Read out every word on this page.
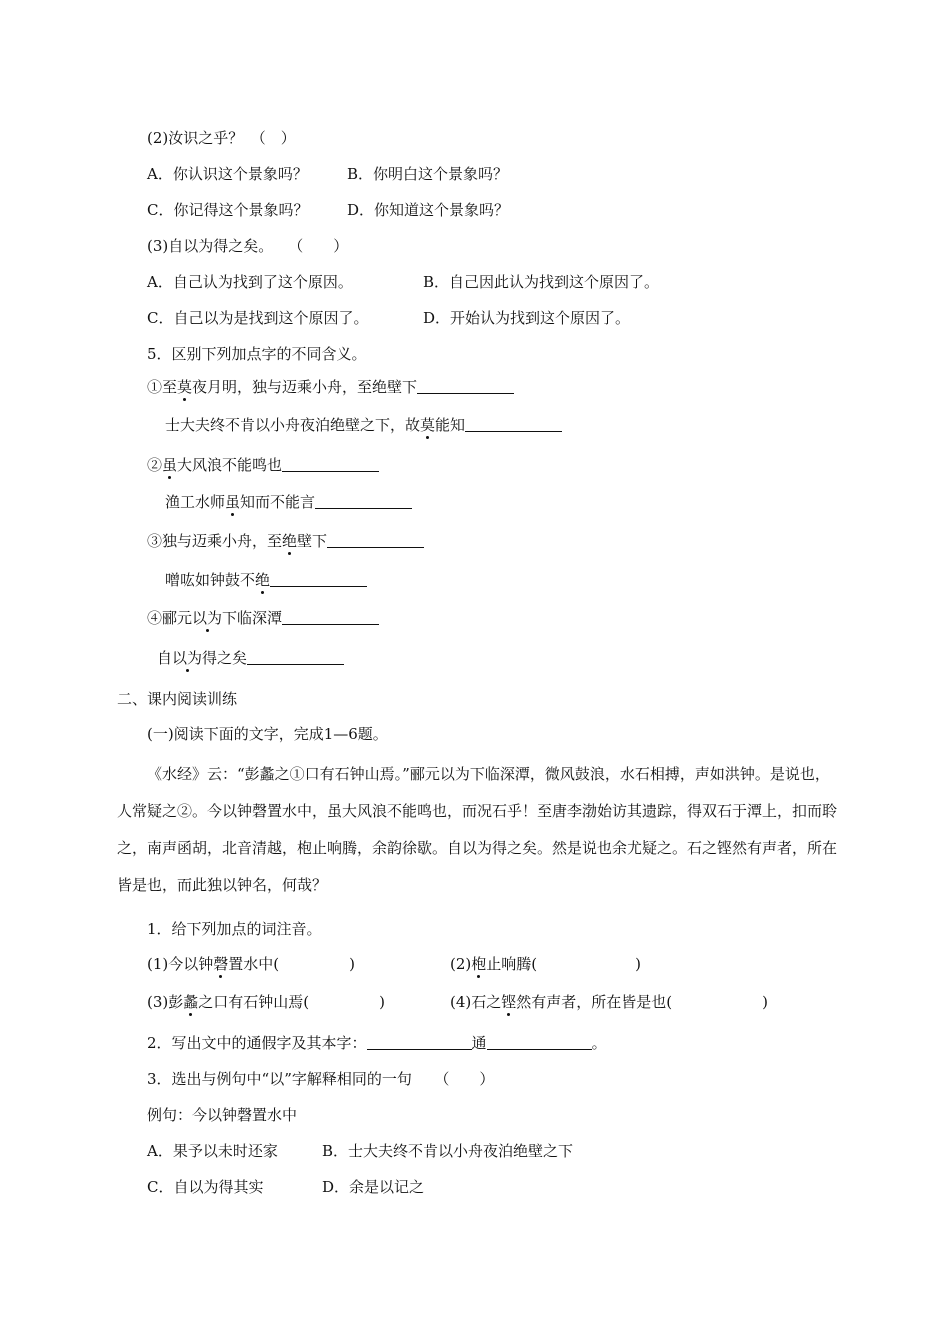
(2)汝识之乎？　（　）
A．你认识这个景象吗？	B．你明白这个景象吗？
C．你记得这个景象吗？	D．你知道这个景象吗？
(3)自以为得之矣。　　（　　）
A．自己认为找到了这个原因。	B．自己因此认为找到这个原因了。
C．自己以为是找到这个原因了。	D．开始认为找到这个原因了。
5．区别下列加点字的不同含义。
①至莫夜月明，独与迈乘小舟，至绝壁下
士大夫终不肯以小舟夜泊绝壁之下，故莫能知
②虽大风浪不能鸣也
渔工水师虽知而不能言
③独与迈乘小舟，至绝壁下
噌吰如钟鼓不绝
④郦元以为下临深潭
自以为得之矣
二、课内阅读训练
(一)阅读下面的文字，完成1—6题。
《水经》云：“彭蠡之①口有石钟山焉。”郦元以为下临深潭，微风鼓浪，水石相搏，声如洪钟。是说也，人常疑之②。今以钟磬置水中，虽大风浪不能鸣也，而况石乎！至唐李渤始访其遗踪，得双石于潭上，扣而聆之，南声函胡，北音清越，枹止响腾，余韵徐歇。自以为得之矣。然是说也余尤疑之。石之铿然有声者，所在皆是也，而此独以钟名，何哉？
1．给下列加点的词注音。
(1)今以钟磬置水中(	)	(2)枹止响腾(	)
(3)彭蠡之口有石钟山焉(	)	(4)石之铿然有声者，所在皆是也(	)
2．写出文中的通假字及其本字：	通	。
3．选出与例句中“以”字解释相同的一句　　（　　）
例句：今以钟磬置水中
A．果予以未时还家	B．士大夫终不肯以小舟夜泊绝壁之下
C．自以为得其实	D．余是以记之
